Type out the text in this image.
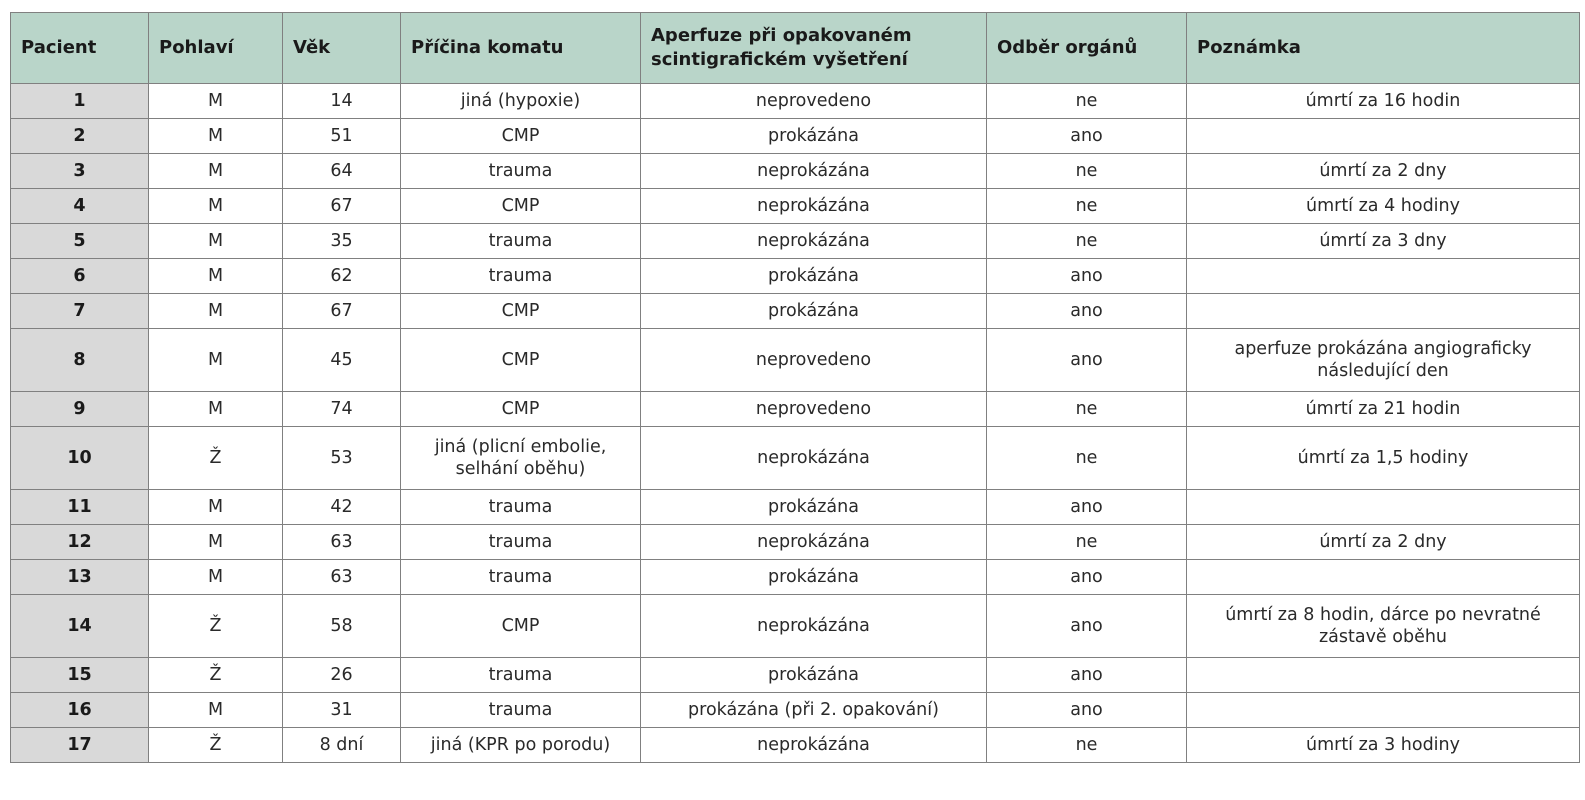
Pacient	Pohlaví	Věk	Příčina komatu	Aperfuze při opakovaném scintigrafickém vyšetření	Odběr orgánů	Poznámka
1	M	14	jiná (hypoxie)	neprovedeno	ne	úmrtí za 16 hodin
2	M	51	CMP	prokázána	ano	
3	M	64	trauma	neprokázána	ne	úmrtí za 2 dny
4	M	67	CMP	neprokázána	ne	úmrtí za 4 hodiny
5	M	35	trauma	neprokázána	ne	úmrtí za 3 dny
6	M	62	trauma	prokázána	ano	
7	M	67	CMP	prokázána	ano	
8	M	45	CMP	neprovedeno	ano	aperfuze prokázána angiograficky následující den
9	M	74	CMP	neprovedeno	ne	úmrtí za 21 hodin
10	Ž	53	jiná (plicní embolie, selhání oběhu)	neprokázána	ne	úmrtí za 1,5 hodiny
11	M	42	trauma	prokázána	ano	
12	M	63	trauma	neprokázána	ne	úmrtí za 2 dny
13	M	63	trauma	prokázána	ano	
14	Ž	58	CMP	neprokázána	ano	úmrtí za 8 hodin, dárce po nevratné zástavě oběhu
15	Ž	26	trauma	prokázána	ano	
16	M	31	trauma	prokázána (při 2. opakování)	ano	
17	Ž	8 dní	jiná (KPR po porodu)	neprokázána	ne	úmrtí za 3 hodiny
